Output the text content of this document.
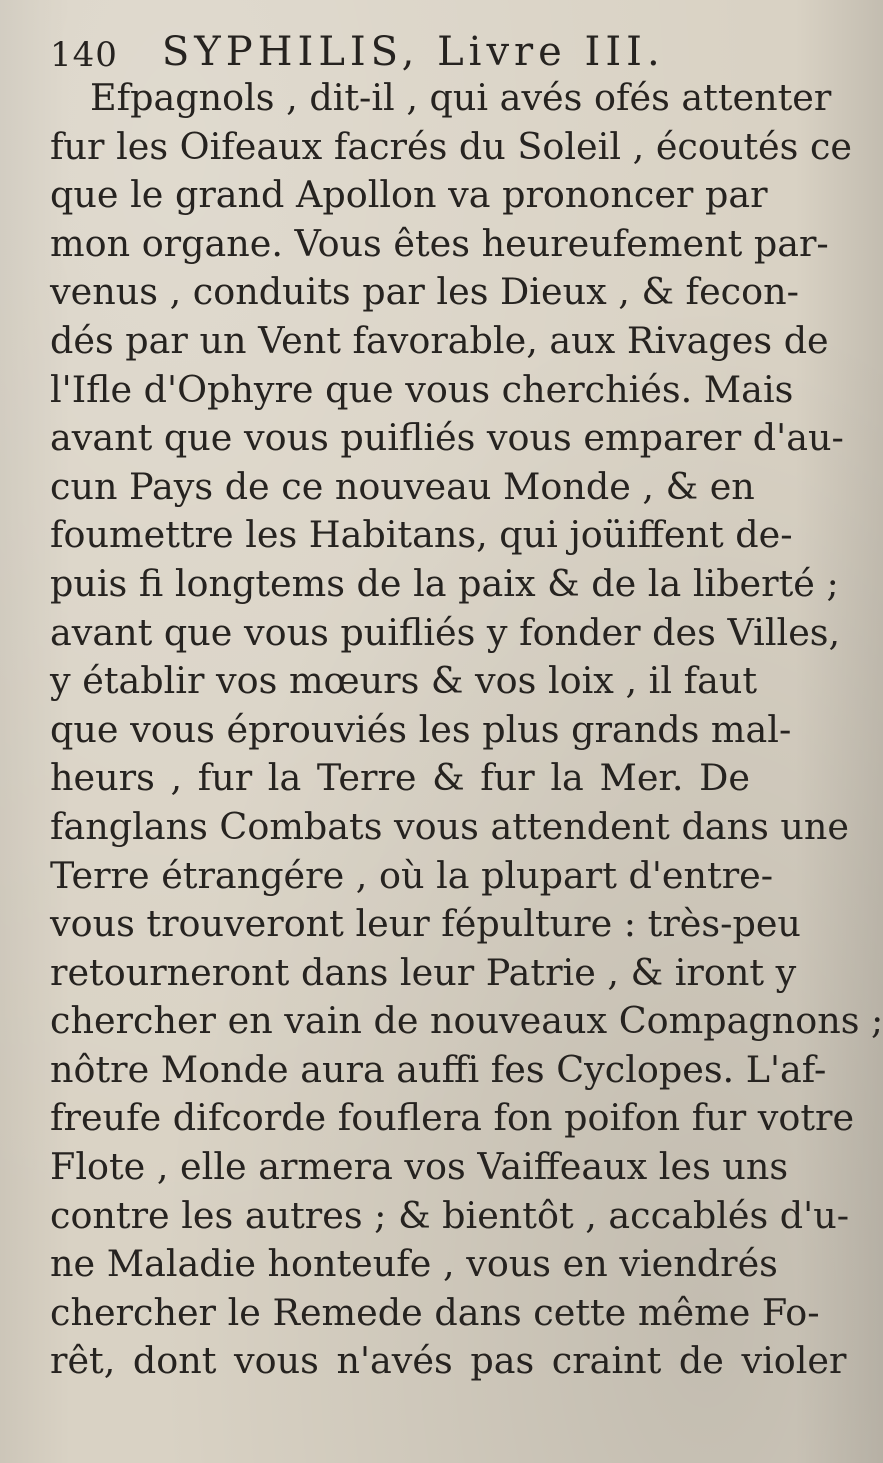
140 SYPHILIS, Livre III.
Efpagnols , dit-il , qui avés ofés attenter
fur les Oifeaux facrés du Soleil , écoutés ce
que le grand Apollon va prononcer par
mon organe. Vous êtes heureufement par-
venus , conduits par les Dieux , & fecon-
dés par un Vent favorable, aux Rivages de
l'Ifle d'Ophyre que vous cherchiés. Mais
avant que vous puifliés vous emparer d'au-
cun Pays de ce nouveau Monde , & en
foumettre les Habitans, qui joüiffent de-
puis fi longtems de la paix & de la liberté ;
avant que vous puifliés y fonder des Villes,
y établir vos mœurs & vos loix , il faut
que vous éprouviés les plus grands mal-
heurs , fur la Terre & fur la Mer. De
fanglans Combats vous attendent dans une
Terre étrangére , où la plupart d'entre-
vous trouveront leur fépulture : très-peu
retourneront dans leur Patrie , & iront y
chercher en vain de nouveaux Compagnons ;
nôtre Monde aura auffi fes Cyclopes. L'af-
freufe difcorde fouflera fon poifon fur votre
Flote , elle armera vos Vaiffeaux les uns
contre les autres ; & bientôt , accablés d'u-
ne Maladie honteufe , vous en viendrés
chercher le Remede dans cette même Fo-
rêt, dont vous n'avés pas craint de violer
